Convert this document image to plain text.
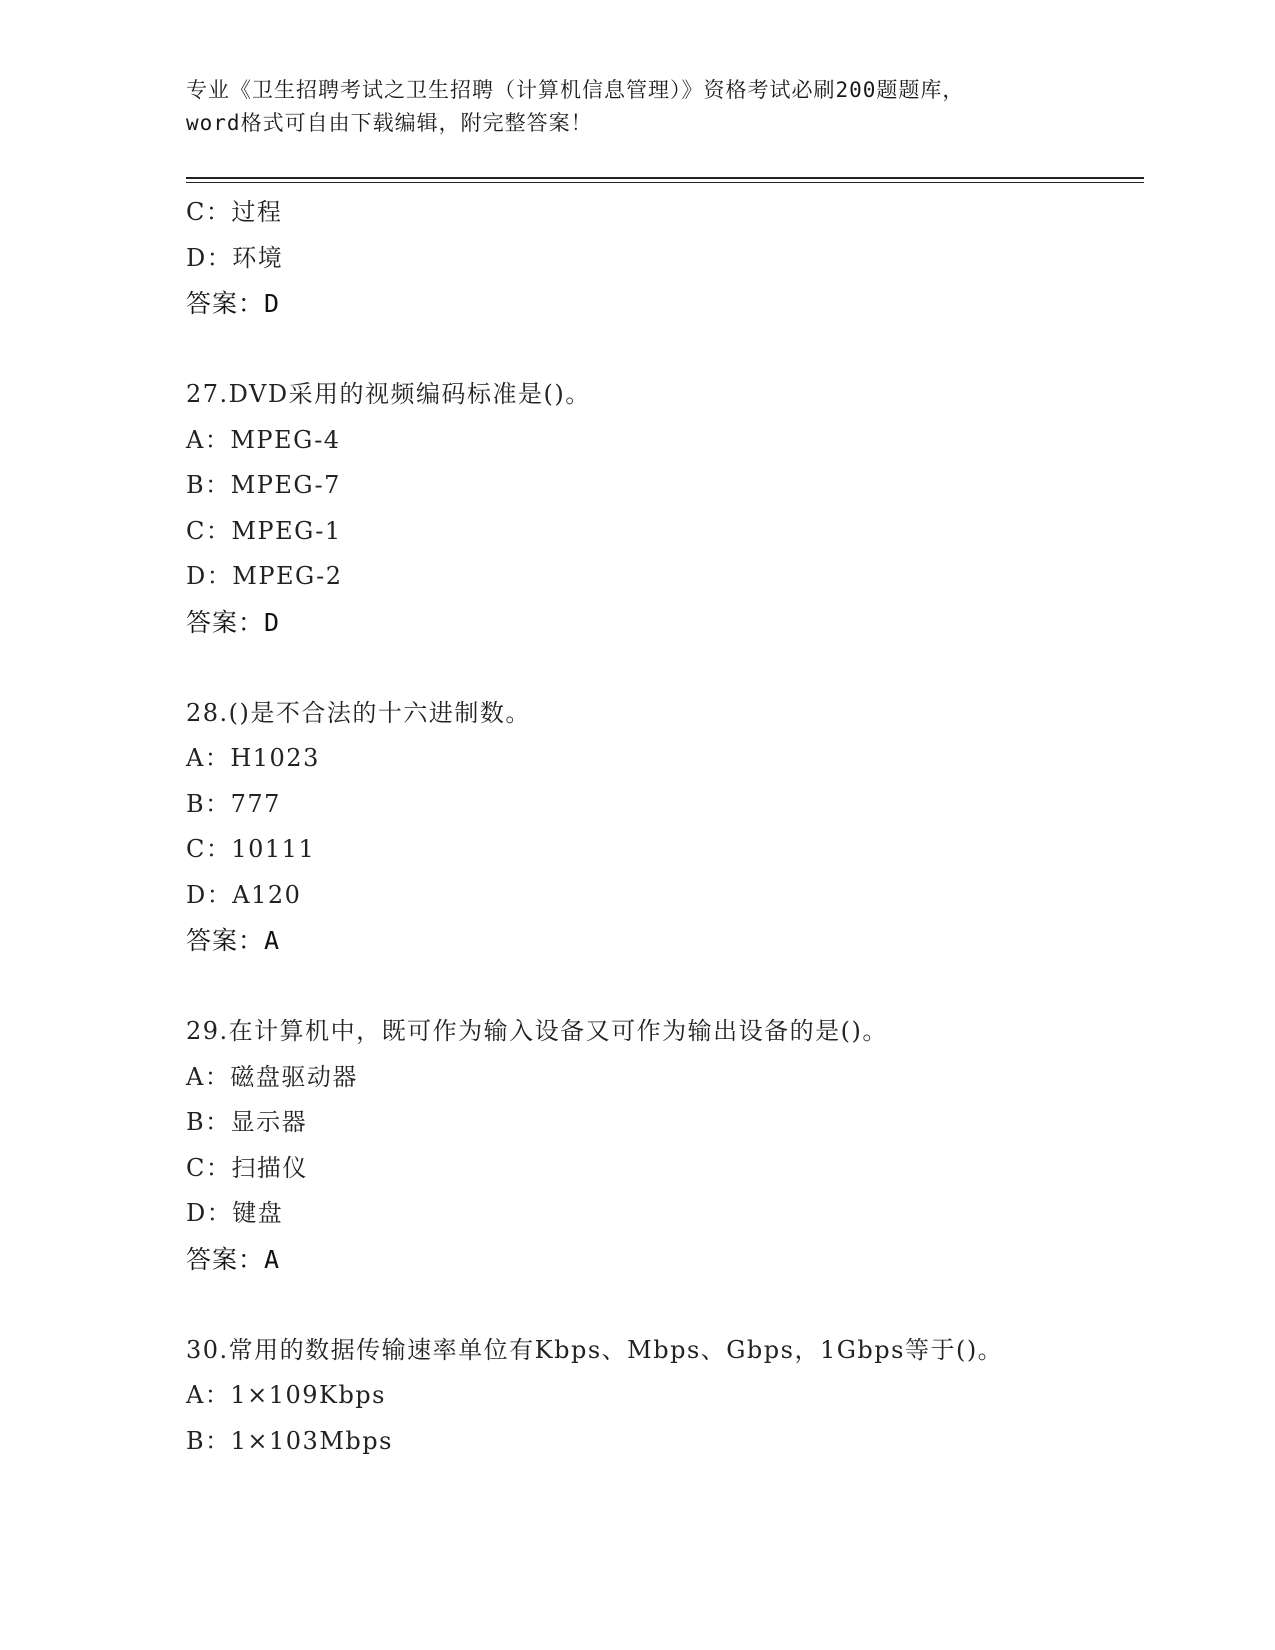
专业《卫生招聘考试之卫生招聘（计算机信息管理）》资格考试必刷200题题库，
word格式可自由下载编辑，附完整答案！
C：过程
D：环境
答案：D
27.DVD采用的视频编码标准是()。
A：MPEG-4
B：MPEG-7
C：MPEG-1
D：MPEG-2
答案：D
28.()是不合法的十六进制数。
A：H1023
B：777
C：10111
D：A120
答案：A
29.在计算机中，既可作为输入设备又可作为输出设备的是()。
A：磁盘驱动器
B：显示器
C：扫描仪
D：键盘
答案：A
30.常用的数据传输速率单位有Kbps、Mbps、Gbps，1Gbps等于()。
A：1×109Kbps
B：1×103Mbps
